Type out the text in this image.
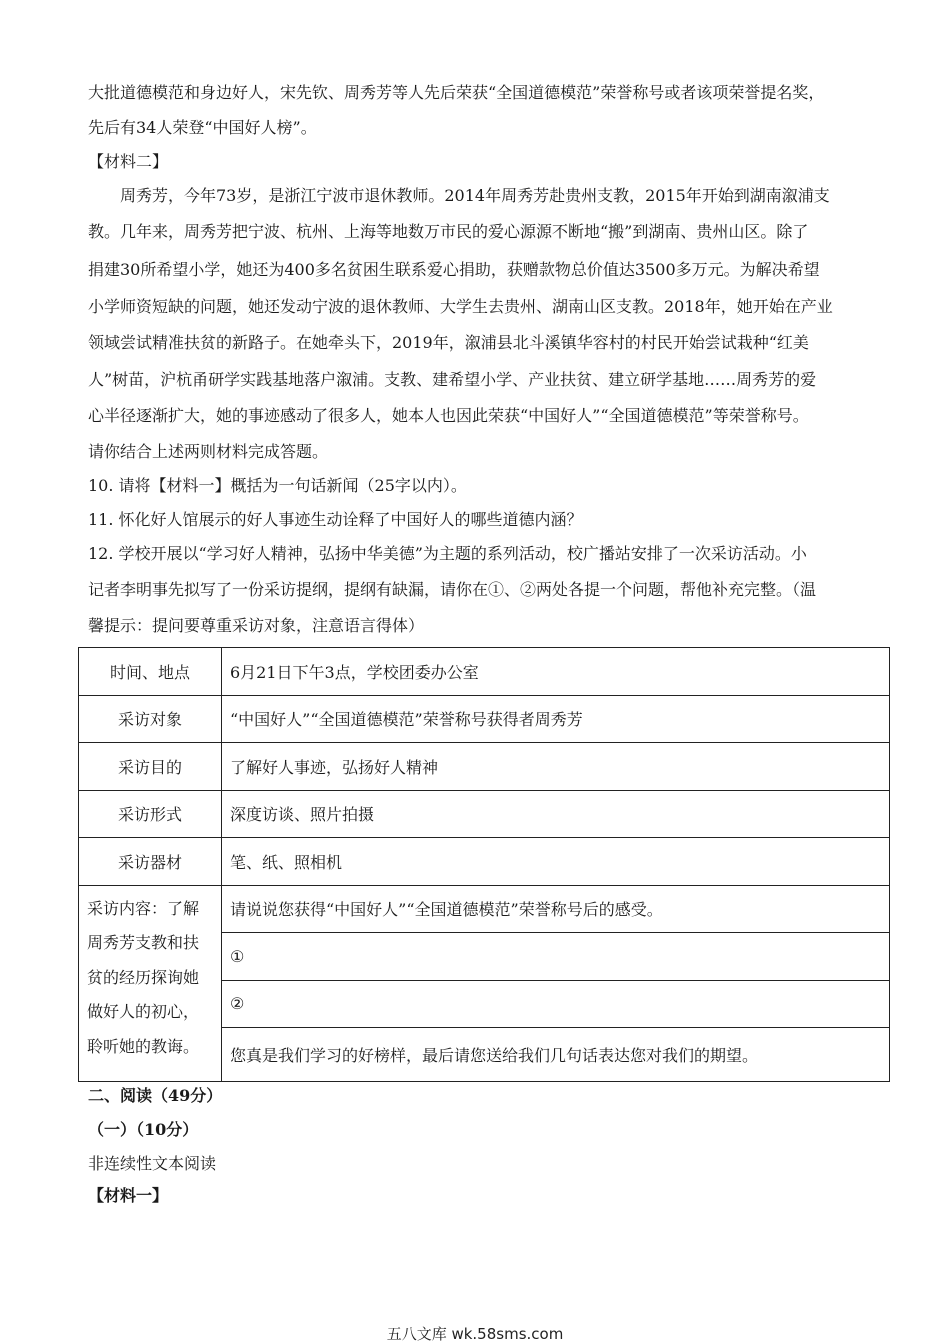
大批道德模范和身边好人，宋先钦、周秀芳等人先后荣获“全国道德模范”荣誉称号或者该项荣誉提名奖，
先后有34人荣登“中国好人榜”。
【材料二】
周秀芳，今年73岁，是浙江宁波市退休教师。2014年周秀芳赴贵州支教，2015年开始到湖南溆浦支
教。几年来，周秀芳把宁波、杭州、上海等地数万市民的爱心源源不断地“搬”到湖南、贵州山区。除了
捐建30所希望小学，她还为400多名贫困生联系爱心捐助，获赠款物总价值达3500多万元。为解决希望
小学师资短缺的问题，她还发动宁波的退休教师、大学生去贵州、湖南山区支教。2018年，她开始在产业
领域尝试精准扶贫的新路子。在她牵头下，2019年，溆浦县北斗溪镇华容村的村民开始尝试栽种“红美
人”树苗，沪杭甬研学实践基地落户溆浦。支教、建希望小学、产业扶贫、建立研学基地……周秀芳的爱
心半径逐渐扩大，她的事迹感动了很多人，她本人也因此荣获“中国好人”“全国道德模范”等荣誉称号。
请你结合上述两则材料完成答题。
10. 请将【材料一】概括为一句话新闻（25字以内）。
11. 怀化好人馆展示的好人事迹生动诠释了中国好人的哪些道德内涵？
12. 学校开展以“学习好人精神，弘扬中华美德”为主题的系列活动，校广播站安排了一次采访活动。小
记者李明事先拟写了一份采访提纲，提纲有缺漏，请你在①、②两处各提一个问题，帮他补充完整。（温
馨提示：提问要尊重采访对象，注意语言得体）
时间、地点	6月21日下午3点，学校团委办公室
采访对象	“中国好人”“全国道德模范”荣誉称号获得者周秀芳
采访目的	了解好人事迹，弘扬好人精神
采访形式	深度访谈、照片拍摄
采访器材	笔、纸、照相机
采访内容：了解周秀芳支教和扶贫的经历探询她做好人的初心，聆听她的教诲。	请说说您获得“中国好人”“全国道德模范”荣誉称号后的感受。
	①
	②
	您真是我们学习的好榜样，最后请您送给我们几句话表达您对我们的期望。
二、阅读（49分）
（一）（10分）
非连续性文本阅读
【材料一】
五八文库 wk.58sms.com
